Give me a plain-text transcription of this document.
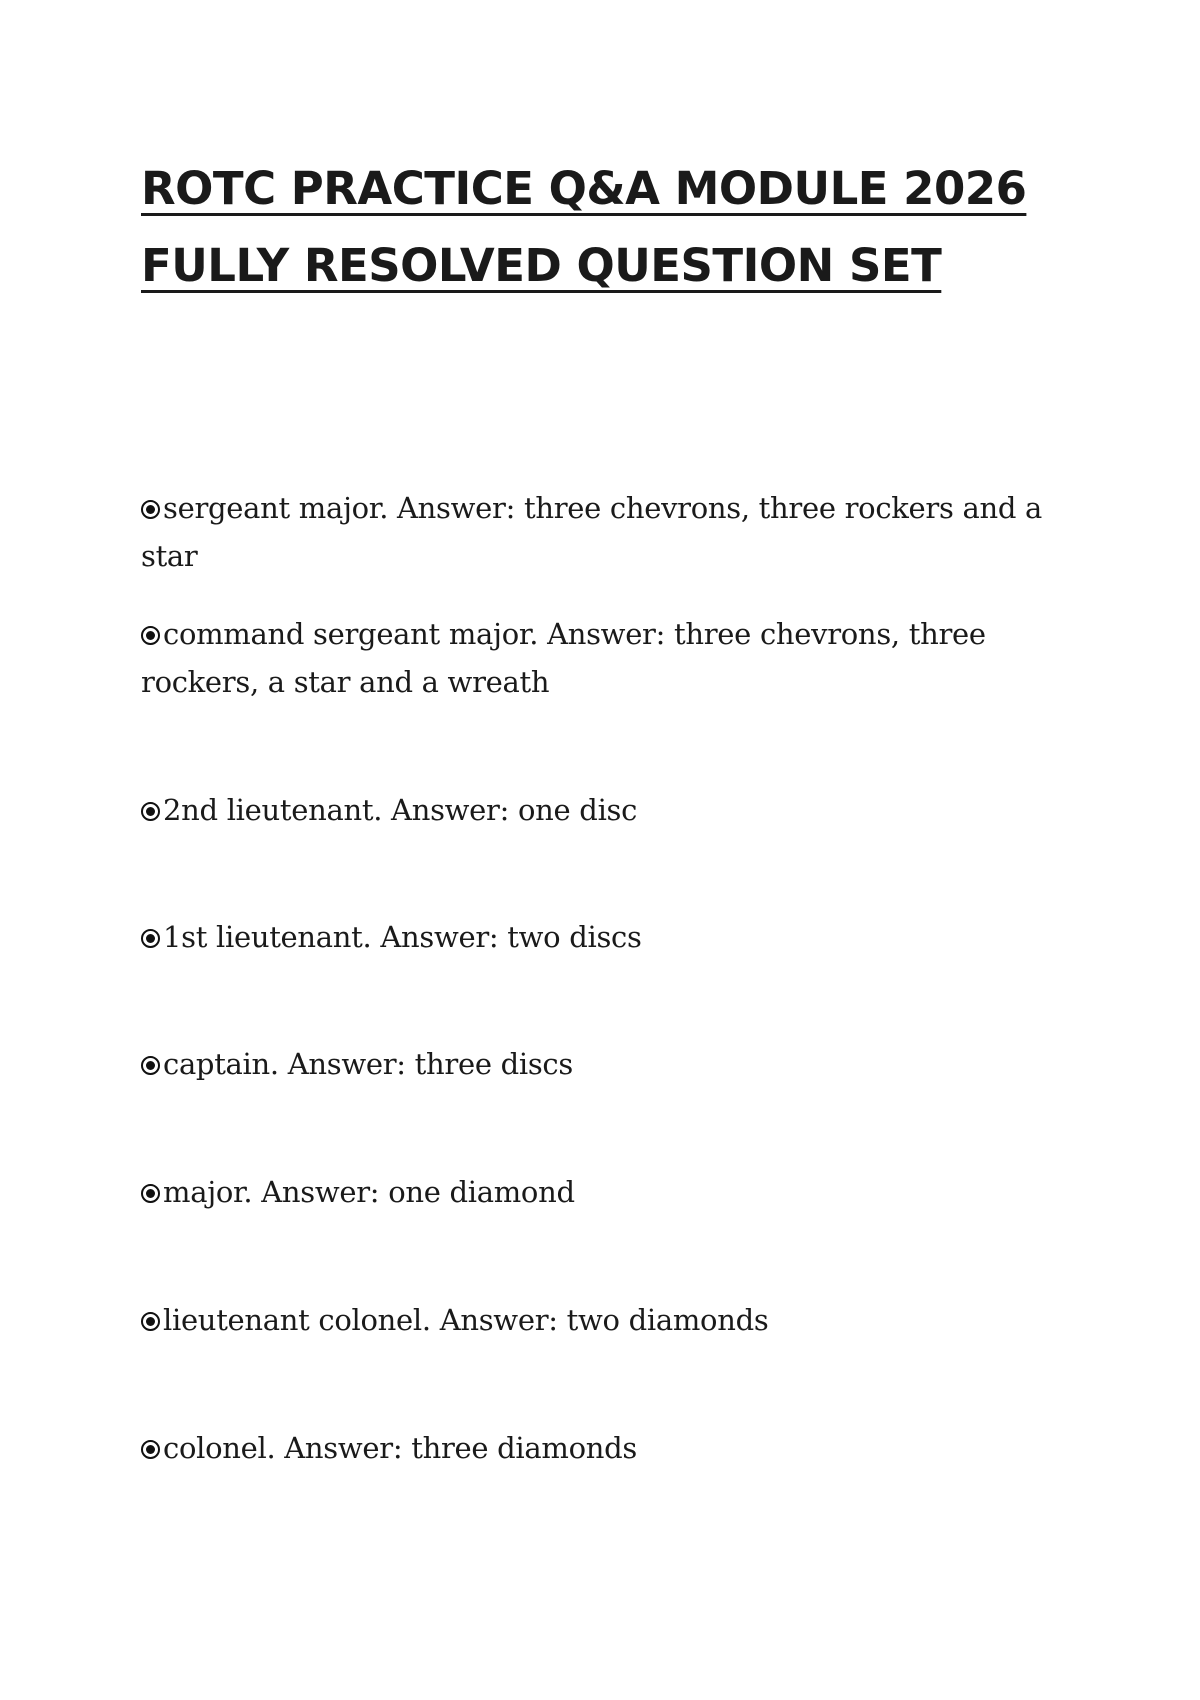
ROTC PRACTICE Q&A MODULE 2026
FULLY RESOLVED QUESTION SET
sergeant major. Answer: three chevrons, three rockers and a star
command sergeant major. Answer: three chevrons, three rockers, a star and a wreath
2nd lieutenant. Answer: one disc
1st lieutenant. Answer: two discs
captain. Answer: three discs
major. Answer: one diamond
lieutenant colonel. Answer: two diamonds
colonel. Answer: three diamonds
